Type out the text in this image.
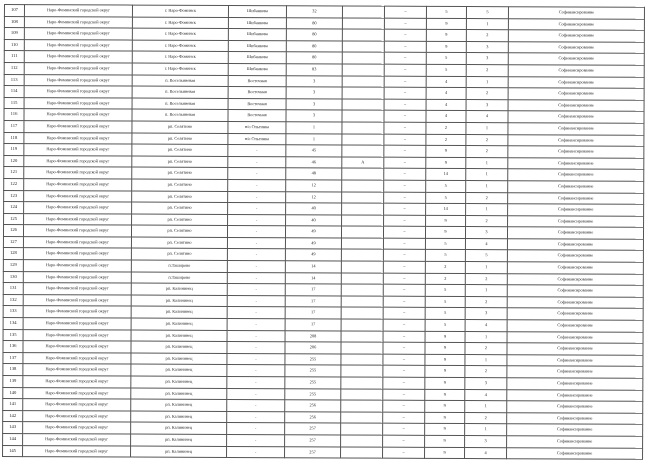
107	Наро-Фоминский городской округ	г. Наро-Фоминск	Шибанкова	32		–	5	5	Софинансирование
108	Наро-Фоминский городской округ	г. Наро-Фоминск	Шибанкова	80		–	9	1	Софинансирование
109	Наро-Фоминский городской округ	г. Наро-Фоминск	Шибанкова	80		–	9	2	Софинансирование
110	Наро-Фоминский городской округ	г. Наро-Фоминск	Шибанкова	80		–	9	3	Софинансирование
111	Наро-Фоминский городской округ	г. Наро-Фоминск	Шибанкова	80		–	5	3	Софинансирование
112	Наро-Фоминский городской округ	г. Наро-Фоминск	Шибанкова	83		–	5	2	Софинансирование
113	Наро-Фоминский городской округ	п. Восельиневая	Восточная	3		–	4	1	Софинансирование
114	Наро-Фоминский городской округ	п. Восельиневая	Восточная	3		–	4	2	Софинансирование
115	Наро-Фоминский городской округ	п. Восельиневая	Восточная	3		–	4	3	Софинансирование
116	Наро-Фоминский городской округ	п. Восельиневая	Восточная	3		–	4	4	Софинансирование
117	Наро-Фоминский городской округ	рп. Селятино	п/о Ольгинка	1		–	2	1	Софинансирование
118	Наро-Фоминский городской округ	рп. Селятино	п/о Ольгинка	1		–	2	2	Софинансирование
119	Наро-Фоминский городской округ	рп. Селятино	-	45		–	9	2	Софинансирование
120	Наро-Фоминский городской округ	рп. Селятино	-	46	А	–	9	1	Софинансирование
121	Наро-Фоминский городской округ	рп. Селятино	-	48		–	14	1	Софинансирование
122	Наро-Фоминский городской округ	рп. Селятино	-	12		–	5	1	Софинансирование
123	Наро-Фоминский городской округ	рп. Селятино	-	12		–	5	2	Софинансирование
124	Наро-Фоминский городской округ	рп. Селятино	-	40		–	14	1	Софинансирование
125	Наро-Фоминский городской округ	рп. Селятино	-	40		–	9	2	Софинансирование
126	Наро-Фоминский городской округ	рп. Селятино	-	49		–	9	3	Софинансирование
127	Наро-Фоминский городской округ	рп. Селятино	-	49		–	5	4	Софинансирование
128	Наро-Фоминский городской округ	рп. Селятино	-	49		–	5	5	Софинансирование
129	Наро-Фоминский городской округ	п.Таширово	-	14		–	2	1	Софинансирование
130	Наро-Фоминский городской округ	п.Таширово	-	14		–	2	2	Софинансирование
131	Наро-Фоминский городской округ	рп. Калининец	-	17		–	5	1	Софинансирование
132	Наро-Фоминский городской округ	рп. Калининец	-	17		–	5	2	Софинансирование
133	Наро-Фоминский городской округ	рп. Калининец	-	17		–	5	3	Софинансирование
134	Наро-Фоминский городской округ	рп. Калининец	-	17		–	5	4	Софинансирование
135	Наро-Фоминский городской округ	рп. Калининец	-	208		–	9	1	Софинансирование
136	Наро-Фоминский городской округ	рп. Калининец	-	206		–	9	2	Софинансирование
137	Наро-Фоминский городской округ	рп. Калининец	-	255		–	9	1	Софинансирование
138	Наро-Фоминский городской округ	рп. Калининец	-	255		–	9	2	Софинансирование
139	Наро-Фоминский городской округ	рп. Калининец	-	255		–	9	3	Софинансирование
140	Наро-Фоминский городской округ	рп. Калининец	-	255		–	9	4	Софинансирование
141	Наро-Фоминский городской округ	рп. Калининец	-	256		–	9	1	Софинансирование
142	Наро-Фоминский городской округ	рп. Калининец	-	256		–	9	2	Софинансирование
143	Наро-Фоминский городской округ	рп. Калининец	-	257		–	9	1	Софинансирование
144	Наро-Фоминский городской округ	рп. Калининец	-	257		–	9	3	Софинансирование
145	Наро-Фоминский городской округ	рп. Калининец	-	257		–	9	4	Софинансирование
